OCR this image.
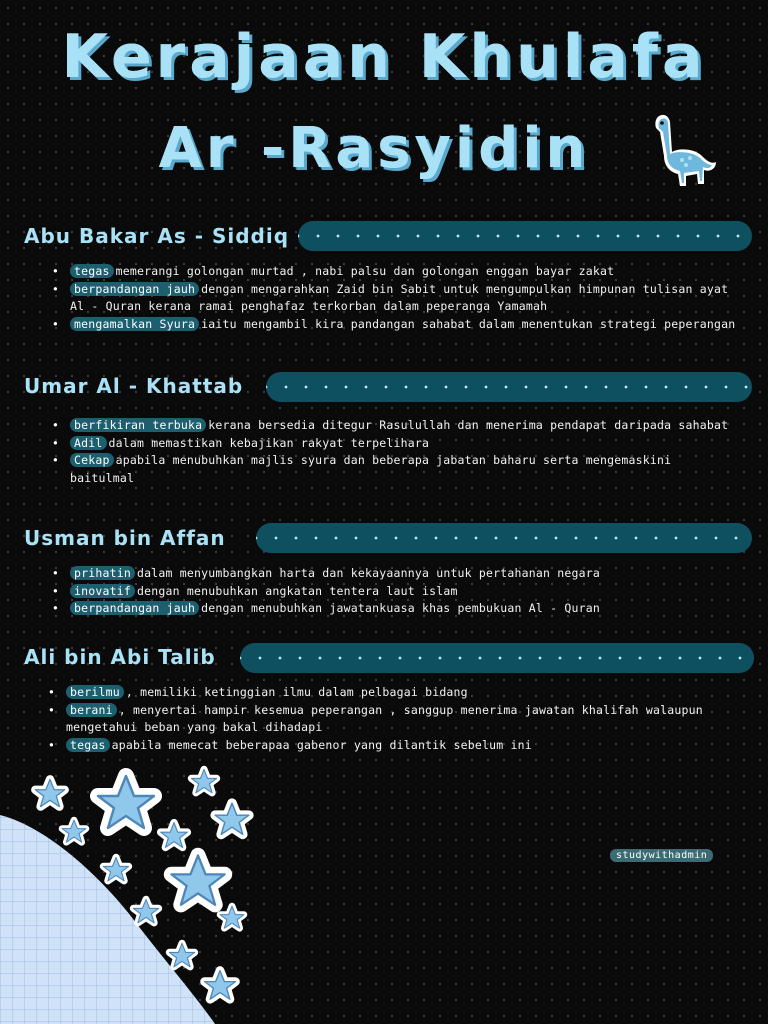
Kerajaan Khulafa
Ar -Rasyidin
Abu Bakar As - Siddiq
• tegas memerangi golongan murtad , nabi palsu dan golongan enggan bayar zakat
• berpandangan jauh dengan mengarahkan Zaid bin Sabit untuk mengumpulkan himpunan tulisan ayat Al - Quran kerana ramai penghafaz terkorban dalam peperanga Yamamah
• mengamalkan Syura iaitu mengambil kira pandangan sahabat dalam menentukan strategi peperangan
Umar Al - Khattab
• berfikiran terbuka kerana bersedia ditegur Rasulullah dan menerima pendapat daripada sahabat
• Adil dalam memastikan kebajikan rakyat terpelihara
• Cekap apabila menubuhkan majlis syura dan beberapa jabatan baharu serta mengemaskini baitulmal
Usman bin Affan
• prihatin dalam menyumbangkan harta dan kekayaannya untuk pertahanan negara
• inovatif dengan menubuhkan angkatan tentera laut islam
• berpandangan jauh dengan menubuhkan jawatankuasa khas pembukuan Al - Quran
Ali bin Abi Talib
• berilmu , memiliki ketinggian ilmu dalam pelbagai bidang
• berani , menyertai hampir kesemua peperangan , sanggup menerima jawatan khalifah walaupun mengetahui beban yang bakal dihadapi
• tegas apabila memecat beberapaa gabenor yang dilantik sebelum ini
studywithadmin
